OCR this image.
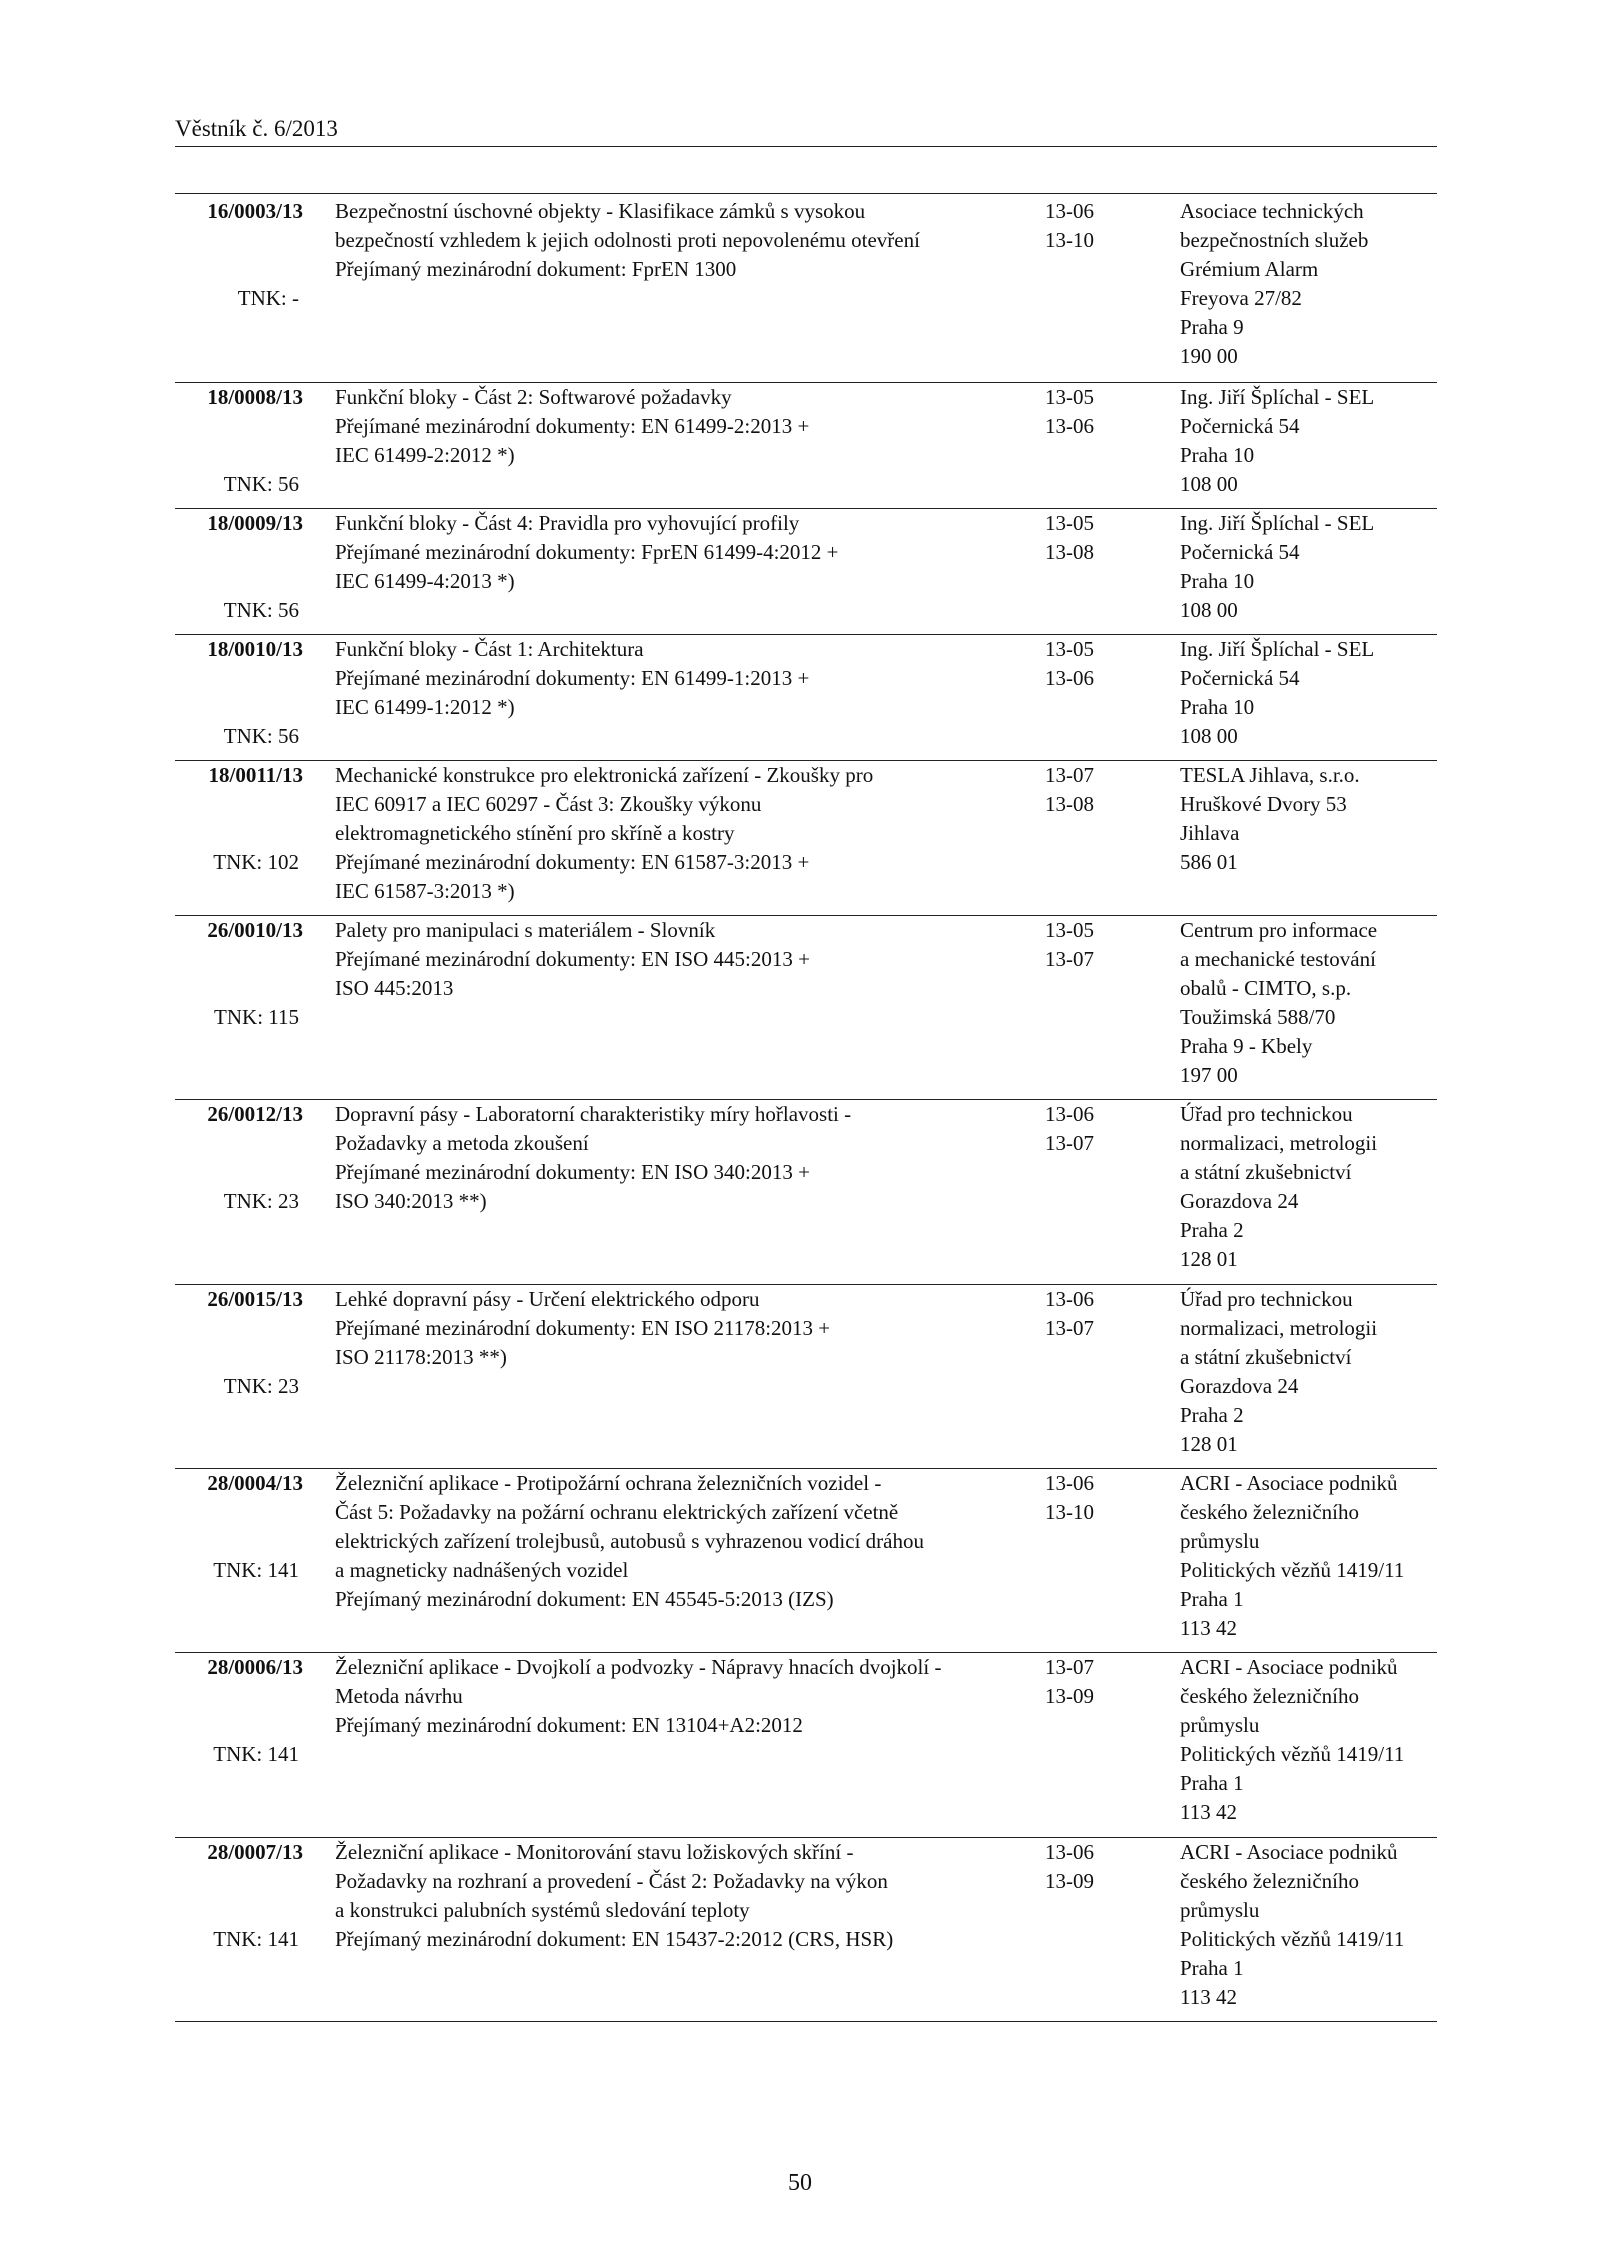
Věstník č. 6/2013
16/0003/13
TNK: -
Bezpečnostní úschovné objekty - Klasifikace zámků s vysokou
bezpečností vzhledem k jejich odolnosti proti nepovolenému otevření
Přejímaný mezinárodní dokument: FprEN 1300
13-06
13-10
Asociace technických
bezpečnostních služeb
Grémium Alarm
Freyova 27/82
Praha 9
190 00
18/0008/13
TNK: 56
Funkční bloky - Část 2: Softwarové požadavky
Přejímané mezinárodní dokumenty: EN 61499-2:2013 +
IEC 61499-2:2012 *)
13-05
13-06
Ing. Jiří Šplíchal - SEL
Počernická 54
Praha 10
108 00
18/0009/13
TNK: 56
Funkční bloky - Část 4: Pravidla pro vyhovující profily
Přejímané mezinárodní dokumenty: FprEN 61499-4:2012 +
IEC 61499-4:2013 *)
13-05
13-08
Ing. Jiří Šplíchal - SEL
Počernická 54
Praha 10
108 00
18/0010/13
TNK: 56
Funkční bloky - Část 1: Architektura
Přejímané mezinárodní dokumenty: EN 61499-1:2013 +
IEC 61499-1:2012 *)
13-05
13-06
Ing. Jiří Šplíchal - SEL
Počernická 54
Praha 10
108 00
18/0011/13
TNK: 102
Mechanické konstrukce pro elektronická zařízení - Zkoušky pro
IEC 60917 a IEC 60297 - Část 3: Zkoušky výkonu
elektromagnetického stínění pro skříně a kostry
Přejímané mezinárodní dokumenty: EN 61587-3:2013 +
IEC 61587-3:2013 *)
13-07
13-08
TESLA Jihlava, s.r.o.
Hruškové Dvory 53
Jihlava
586 01
26/0010/13
TNK: 115
Palety pro manipulaci s materiálem - Slovník
Přejímané mezinárodní dokumenty: EN ISO 445:2013 +
ISO 445:2013
13-05
13-07
Centrum pro informace
a mechanické testování
obalů - CIMTO, s.p.
Toužimská 588/70
Praha 9 - Kbely
197 00
26/0012/13
TNK: 23
Dopravní pásy - Laboratorní charakteristiky míry hořlavosti -
Požadavky a metoda zkoušení
Přejímané mezinárodní dokumenty: EN ISO 340:2013 +
ISO 340:2013 **)
13-06
13-07
Úřad pro technickou
normalizaci, metrologii
a státní zkušebnictví
Gorazdova 24
Praha 2
128 01
26/0015/13
TNK: 23
Lehké dopravní pásy - Určení elektrického odporu
Přejímané mezinárodní dokumenty: EN ISO 21178:2013 +
ISO 21178:2013 **)
13-06
13-07
Úřad pro technickou
normalizaci, metrologii
a státní zkušebnictví
Gorazdova 24
Praha 2
128 01
28/0004/13
TNK: 141
Železniční aplikace - Protipožární ochrana železničních vozidel -
Část 5: Požadavky na požární ochranu elektrických zařízení včetně
elektrických zařízení trolejbusů, autobusů s vyhrazenou vodicí dráhou
a magneticky nadnášených vozidel
Přejímaný mezinárodní dokument: EN 45545-5:2013 (IZS)
13-06
13-10
ACRI - Asociace podniků
českého železničního
průmyslu
Politických vězňů 1419/11
Praha 1
113 42
28/0006/13
TNK: 141
Železniční aplikace - Dvojkolí a podvozky - Nápravy hnacích dvojkolí -
Metoda návrhu
Přejímaný mezinárodní dokument: EN 13104+A2:2012
13-07
13-09
ACRI - Asociace podniků
českého železničního
průmyslu
Politických vězňů 1419/11
Praha 1
113 42
28/0007/13
TNK: 141
Železniční aplikace - Monitorování stavu ložiskových skříní -
Požadavky na rozhraní a provedení - Část 2: Požadavky na výkon
a konstrukci palubních systémů sledování teploty
Přejímaný mezinárodní dokument: EN 15437-2:2012 (CRS, HSR)
13-06
13-09
ACRI - Asociace podniků
českého železničního
průmyslu
Politických vězňů 1419/11
Praha 1
113 42
50
